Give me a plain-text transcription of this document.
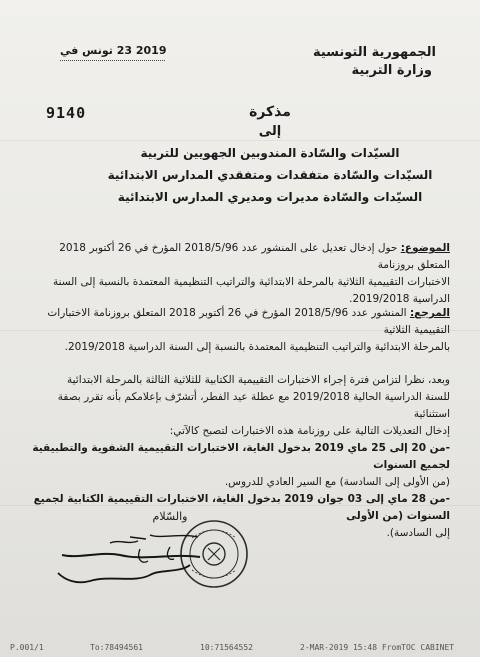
الجمهورية التونسية
وزارة التربية
2019 23 تونس في
9140	مذكرة
إلى
السيّدات والسّادة المندوبين الجهويين للتربية
السيّدات والسّادة متفقدات ومتفقدي المدارس الابتدائية
السيّدات والسّادة مديرات ومديري المدارس الابتدائية
الموضوع: حول إدخال تعديل على المنشور عدد 2018/5/96 المؤرخ في 26 أكتوبر 2018 المتعلق بروزنامة
الاختبارات التقييمية الثلاثية بالمرحلة الابتدائية والتراتيب التنظيمية المعتمدة بالنسبة إلى السنة
الدراسية 2019/2018.
المرجع: المنشور عدد 2018/5/96 المؤرخ في 26 أكتوبر 2018 المتعلق بروزنامة الاختبارات التقييمية الثلاثية
بالمرحلة الابتدائية والتراتيب التنظيمية المعتمدة بالنسبة إلى السنة الدراسية 2019/2018.
وبعد، نظرا لتزامن فترة إجراء الاختبارات التقييمية الكتابية للثلاثية الثالثة بالمرحلة الابتدائية
للسنة الدراسية الحالية 2019/2018 مع عطلة عيد الفطر، أتشرّف بإعلامكم بأنه تقرر بصفة استثنائية
إدخال التعديلات التالية على روزنامة هذه الاختبارات لتصبح كالآتي:
-من 20 إلى 25 ماي 2019 بدخول الغاية، الاختبارات التقييمية الشفوية والتطبيقية لجميع السنوات
(من الأولى إلى السادسة) مع السير العادي للدروس.
-من 28 ماي إلى 03 جوان 2019 بدخول الغاية، الاختبارات التقييمية الكتابية لجميع السنوات (من الأولى
إلى السادسة).
والسّلام
P.001/1	To:78494561	10:71564552	2-MAR-2019 15:48 FromTOC CABINET
